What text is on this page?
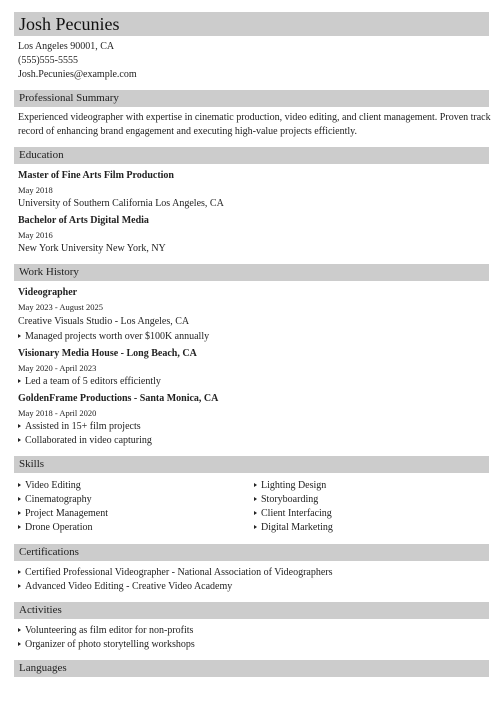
Josh Pecunies
Los Angeles 90001, CA
(555)555-5555
Josh.Pecunies@example.com
Professional Summary
Experienced videographer with expertise in cinematic production, video editing, and client management. Proven track
record of enhancing brand engagement and executing high-value projects efficiently.
Education
Master of Fine Arts Film Production
May 2018
University of Southern California Los Angeles, CA
Bachelor of Arts Digital Media
May 2016
New York University New York, NY
Work History
Videographer
May 2023 - August 2025
Creative Visuals Studio - Los Angeles, CA
Managed projects worth over $100K annually
Visionary Media House - Long Beach, CA
May 2020 - April 2023
Led a team of 5 editors efficiently
GoldenFrame Productions - Santa Monica, CA
May 2018 - April 2020
Assisted in 15+ film projects
Collaborated in video capturing
Skills
Video Editing
Cinematography
Project Management
Drone Operation
Lighting Design
Storyboarding
Client Interfacing
Digital Marketing
Certifications
Certified Professional Videographer - National Association of Videographers
Advanced Video Editing - Creative Video Academy
Activities
Volunteering as film editor for non-profits
Organizer of photo storytelling workshops
Languages
